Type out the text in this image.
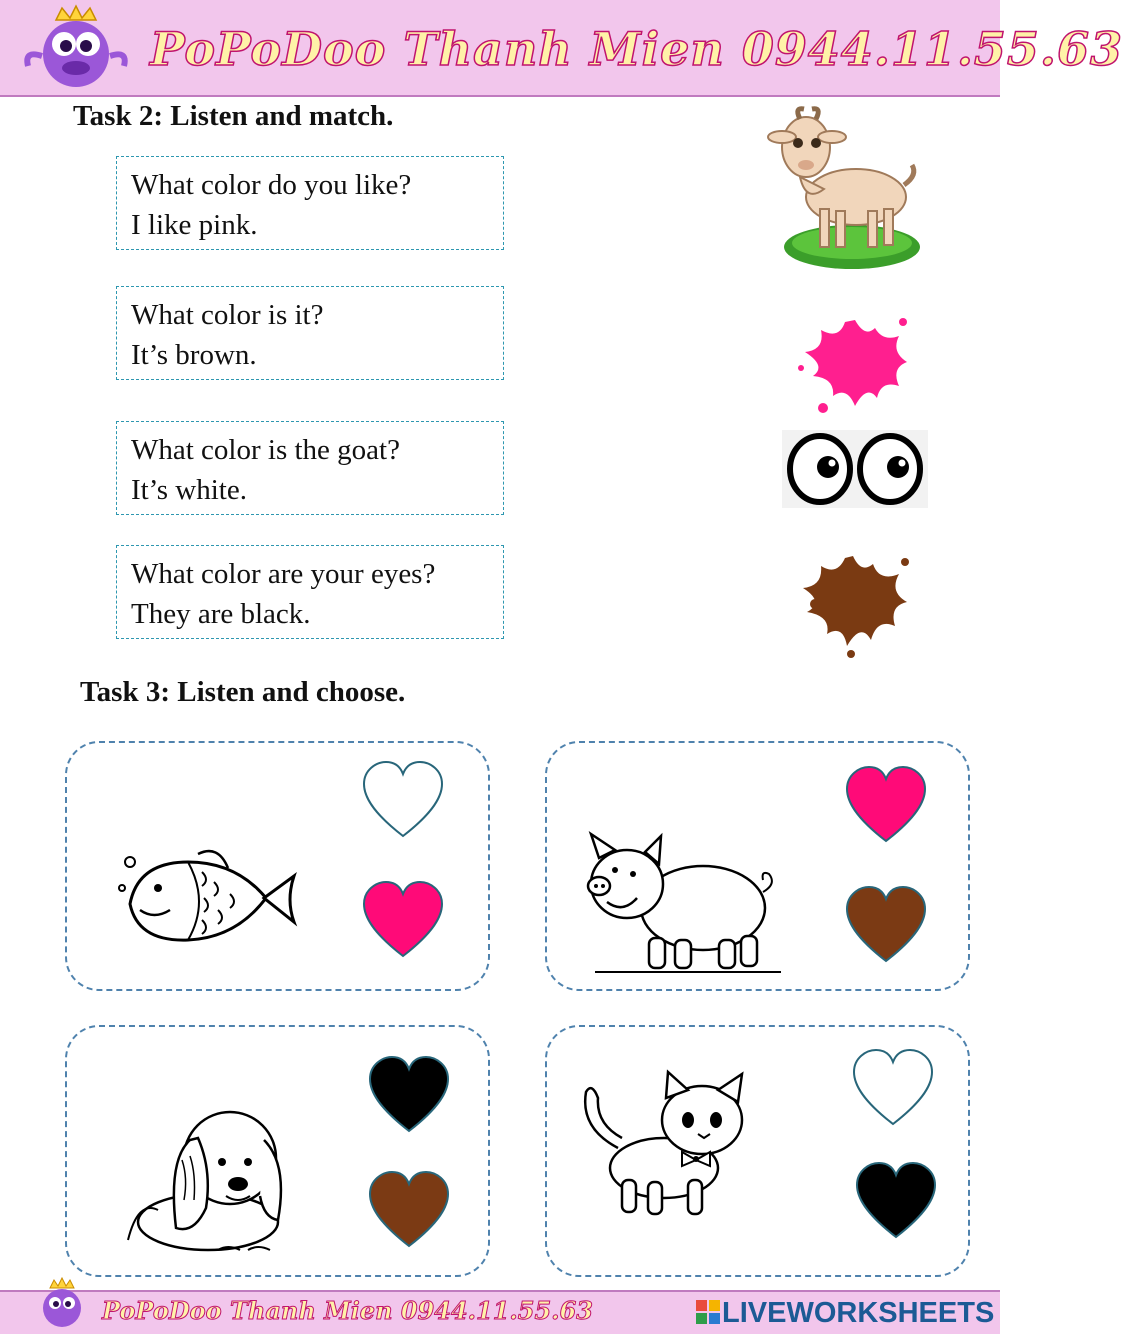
PoPoDoo Thanh Mien 0944.11.55.63
Task 2: Listen and match.
What color do you like?
I like pink.
What color is it?
It’s brown.
What color is the goat?
It’s white.
What color are your eyes?
They are black.
Task 3: Listen and choose.
PoPoDoo Thanh Mien 0944.11.55.63	LIVEWORKSHEETS
